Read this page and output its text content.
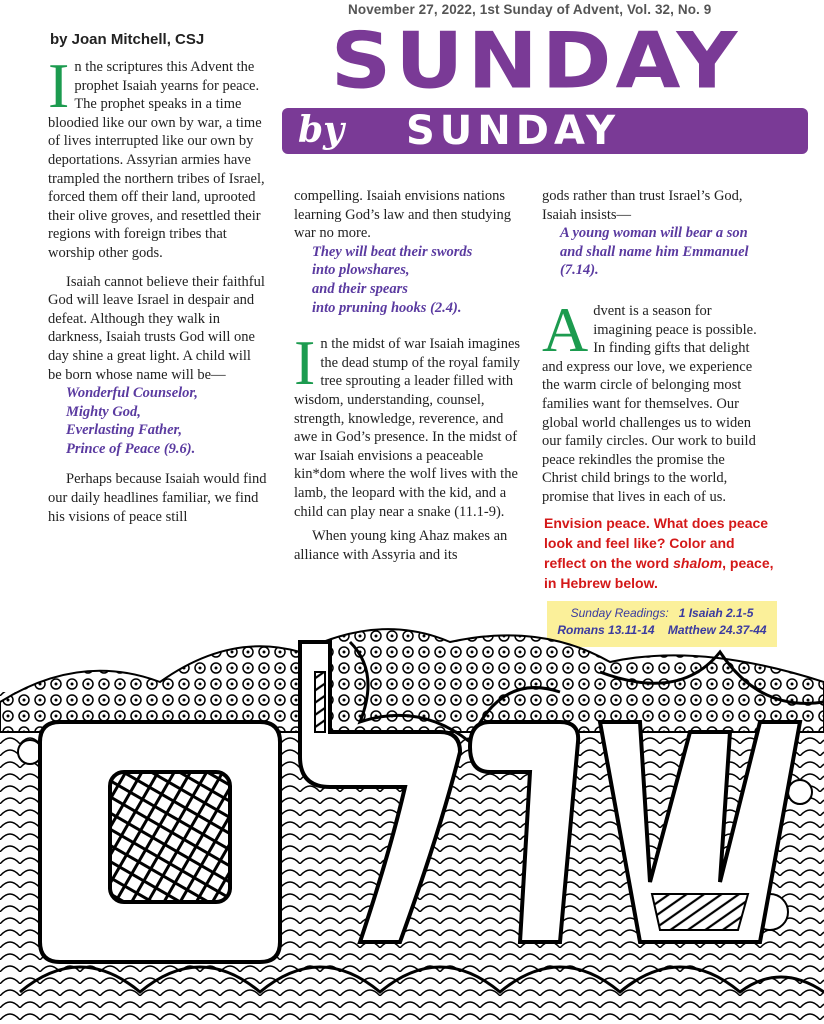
November 27, 2022, 1st Sunday of Advent, Vol. 32, No. 9
by Joan Mitchell, CSJ	SUNDAY
by SUNDAY

In the scriptures this Advent the prophet Isaiah yearns for peace. The prophet speaks in a time bloodied like our own by war, a time of lives interrupted like our own by deportations. Assyrian armies have trampled the northern tribes of Israel, forced them off their land, uprooted their olive groves, and resettled their regions with foreign tribes that worship other gods.

Isaiah cannot believe their faithful God will leave Israel in despair and defeat. Although they walk in darkness, Isaiah trusts God will one day shine a great light. A child will be born whose name will be—

Wonderful Counselor,
Mighty God,
Everlasting Father,
Prince of Peace (9.6).

Perhaps because Isaiah would find our daily headlines familiar, we find his visions of peace still

compelling. Isaiah envisions nations learning God’s law and then studying war no more.

They will beat their swords
into plowshares,
and their spears
into pruning hooks (2.4).

In the midst of war Isaiah imagines the dead stump of the royal family tree sprouting a leader filled with wisdom, understanding, counsel, strength, knowledge, reverence, and awe in God’s presence. In the midst of war Isaiah envisions a peaceable kin*dom where the wolf lives with the lamb, the leopard with the kid, and a child can play near a snake (11.1-9).

When young king Ahaz makes an alliance with Assyria and its

gods rather than trust Israel’s God, Isaiah insists—

A young woman will bear a son
and shall name him Emmanuel
(7.14).

Advent is a season for imagining peace is possible. In finding gifts that delight and express our love, we experience the warm circle of belonging most families want for themselves. Our global world challenges us to widen our family circles. Our work to build peace rekindles the promise the Christ child brings to the world, promise that lives in each of us.

Envision peace. What does peace look and feel like? Color and reflect on the word shalom, peace, in Hebrew below.
Sunday Readings: 1 Isaiah 2.1-5
Romans 13.11-14 Matthew 24.37-44
